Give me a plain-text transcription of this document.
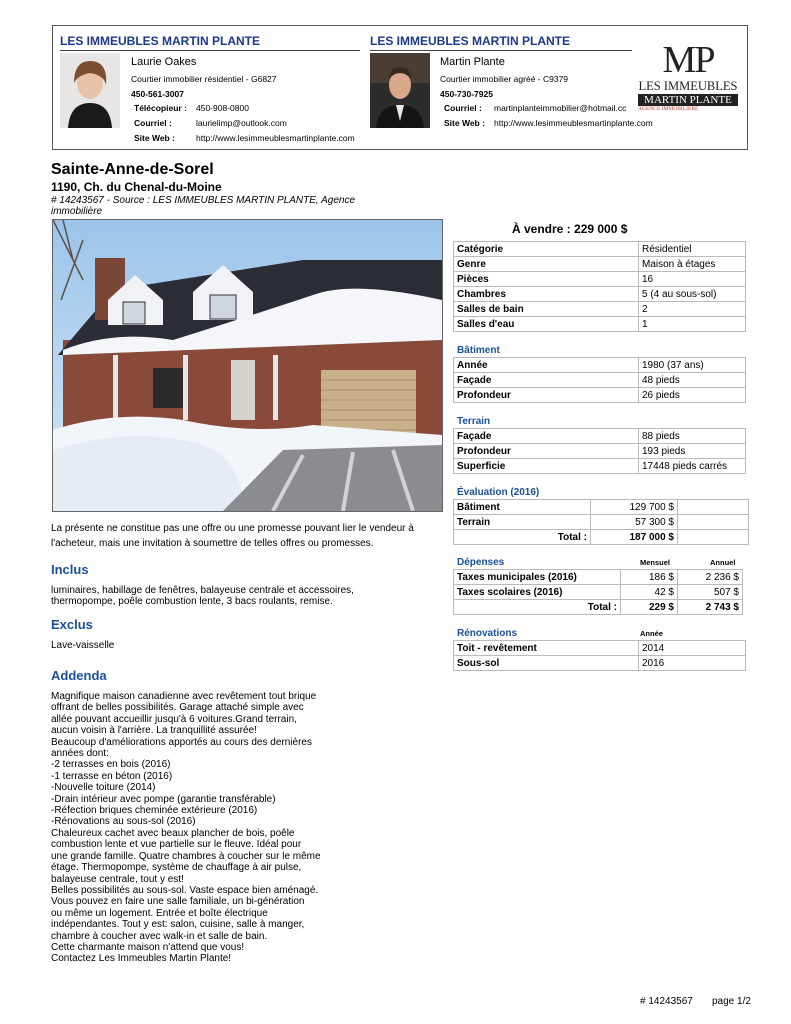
LES IMMEUBLES MARTIN PLANTE
Laurie Oakes
Courtier immobilier résidentiel - G6827
450-561-3007
Télécopieur : 450-908-0800
Courriel :	laurielimp@outlook.com
Site Web : http://www.lesimmeublesmartinplante.com
LES IMMEUBLES MARTIN PLANTE
Martin Plante
Courtier immobilier agréé - C9379
450-730-7925
Courriel : martinplanteimmobilier@hotmail.cc
Site Web : http://www.lesimmeublesmartinplante.com
MP
LES IMMEUBLES
MARTIN PLANTE
AGENCE IMMOBILIÈRE
Sainte-Anne-de-Sorel
1190, Ch. du Chenal-du-Moine
# 14243567 - Source : LES IMMEUBLES MARTIN PLANTE, Agence immobilière
La présente ne constitue pas une offre ou une promesse pouvant lier le vendeur à l'acheteur, mais une invitation à soumettre de telles offres ou promesses.
Inclus
luminaires, habillage de fenêtres, balayeuse centrale et accessoires, thermopompe, poêle combustion lente, 3 bacs roulants, remise.
Exclus
Lave-vaisselle
Addenda
Magnifique maison canadienne avec revêtement tout brique
offrant de belles possibilités. Garage attaché simple avec
allée pouvant accueillir jusqu'à 6 voitures.Grand terrain,
aucun voisin à l'arrière. La tranquillité assurée!
Beaucoup d'améliorations apportés au cours des dernières
années dont:
-2 terrasses en bois (2016)
-1 terrasse en béton (2016)
-Nouvelle toiture (2014)
-Drain intérieur avec pompe (garantie transférable)
-Réfection briques cheminée extérieure (2016)
-Rénovations au sous-sol (2016)
Chaleureux cachet avec beaux plancher de bois, poêle
combustion lente et vue partielle sur le fleuve. Idéal pour
une grande famille. Quatre chambres à coucher sur le même
étage. Thermopompe, système de chauffage à air pulse,
balayeuse centrale, tout y est!
Belles possibilités au sous-sol. Vaste espace bien aménagé.
Vous pouvez en faire une salle familiale, un bi-génération
ou même un logement. Entrée et boîte électrique
indépendantes. Tout y est: salon, cuisine, salle à manger,
chambre à coucher avec walk-in et salle de bain.
Cette charmante maison n'attend que vous!
Contactez Les Immeubles Martin Plante!
À vendre : 229 000 $
Catégorie	Résidentiel
Genre	Maison à étages
Pièces	16
Chambres	5 (4 au sous-sol)
Salles de bain	2
Salles d'eau	1
Bâtiment
Année	1980 (37 ans)
Façade	48 pieds
Profondeur	26 pieds
Terrain
Façade	88 pieds
Profondeur	193 pieds
Superficie	17448 pieds carrés
Évaluation (2016)
Bâtiment	129 700 $	
Terrain	57 300 $	
Total :	187 000 $	
Dépenses	Mensuel	Annuel
Taxes municipales (2016)	186 $	2 236 $
Taxes scolaires (2016)	42 $	507 $
Total :	229 $	2 743 $
Rénovations	Année
Toit - revêtement	2014
Sous-sol	2016
# 14243567 page 1/2
